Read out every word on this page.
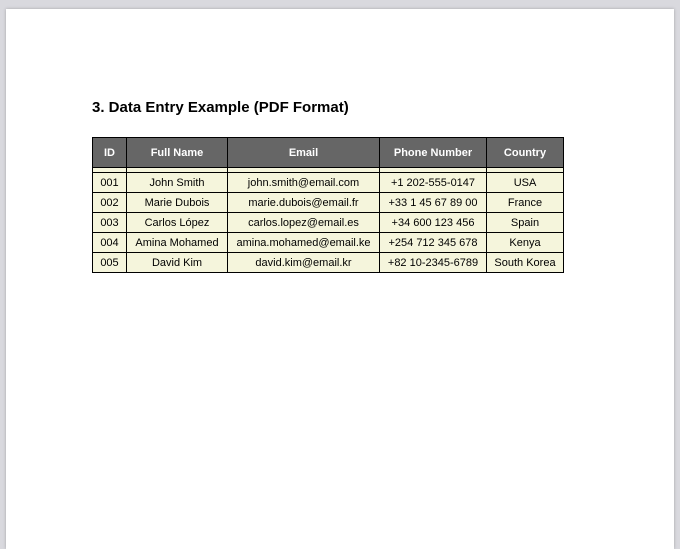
3. Data Entry Example (PDF Format)
ID	Full Name	Email	Phone Number	Country

001	John Smith	john.smith@email.com	+1 202-555-0147	USA
002	Marie Dubois	marie.dubois@email.fr	+33 1 45 67 89 00	France
003	Carlos López	carlos.lopez@email.es	+34 600 123 456	Spain
004	Amina Mohamed	amina.mohamed@email.ke	+254 712 345 678	Kenya
005	David Kim	david.kim@email.kr	+82 10-2345-6789	South Korea
